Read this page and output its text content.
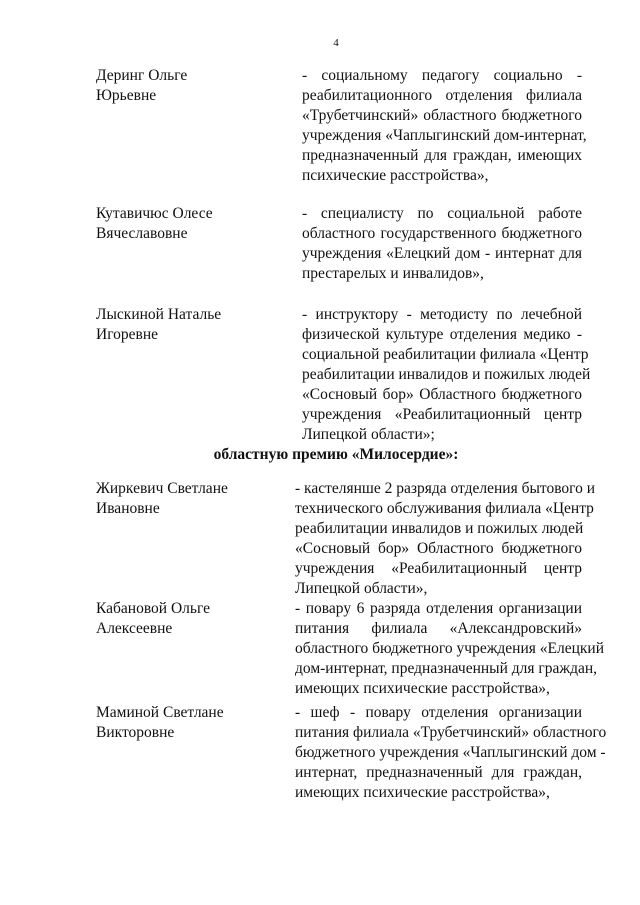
4
Деринг Ольге
Юрьевне
- социальному педагогу социально -
реабилитационного отделения филиала
«Трубетчинский» областного бюджетного
учреждения «Чаплыгинский дом-интернат,
предназначенный для граждан, имеющих
психические расстройства»,
Кутавичюс Олесе
Вячеславовне
- специалисту по социальной работе
областного государственного бюджетного
учреждения «Елецкий дом - интернат для
престарелых и инвалидов»,
Лыскиной Наталье
Игоревне
- инструктору - методисту по лечебной
физической культуре отделения медико -
социальной реабилитации филиала «Центр
реабилитации инвалидов и пожилых людей
«Сосновый бор» Областного бюджетного
учреждения «Реабилитационный центр
Липецкой области»;
областную премию «Милосердие»:
Жиркевич Светлане
Ивановне
- кастелянше 2 разряда отделения бытового и
технического обслуживания филиала «Центр
реабилитации инвалидов и пожилых людей
«Сосновый бор» Областного бюджетного
учреждения «Реабилитационный центр
Липецкой области»,
Кабановой Ольге
Алексеевне
- повару 6 разряда отделения организации
питания филиала «Александровский»
областного бюджетного учреждения «Елецкий
дом-интернат, предназначенный для граждан,
имеющих психические расстройства»,
Маминой Светлане
Викторовне
- шеф - повару отделения организации
питания филиала «Трубетчинский» областного
бюджетного учреждения «Чаплыгинский дом -
интернат, предназначенный для граждан,
имеющих психические расстройства»,
